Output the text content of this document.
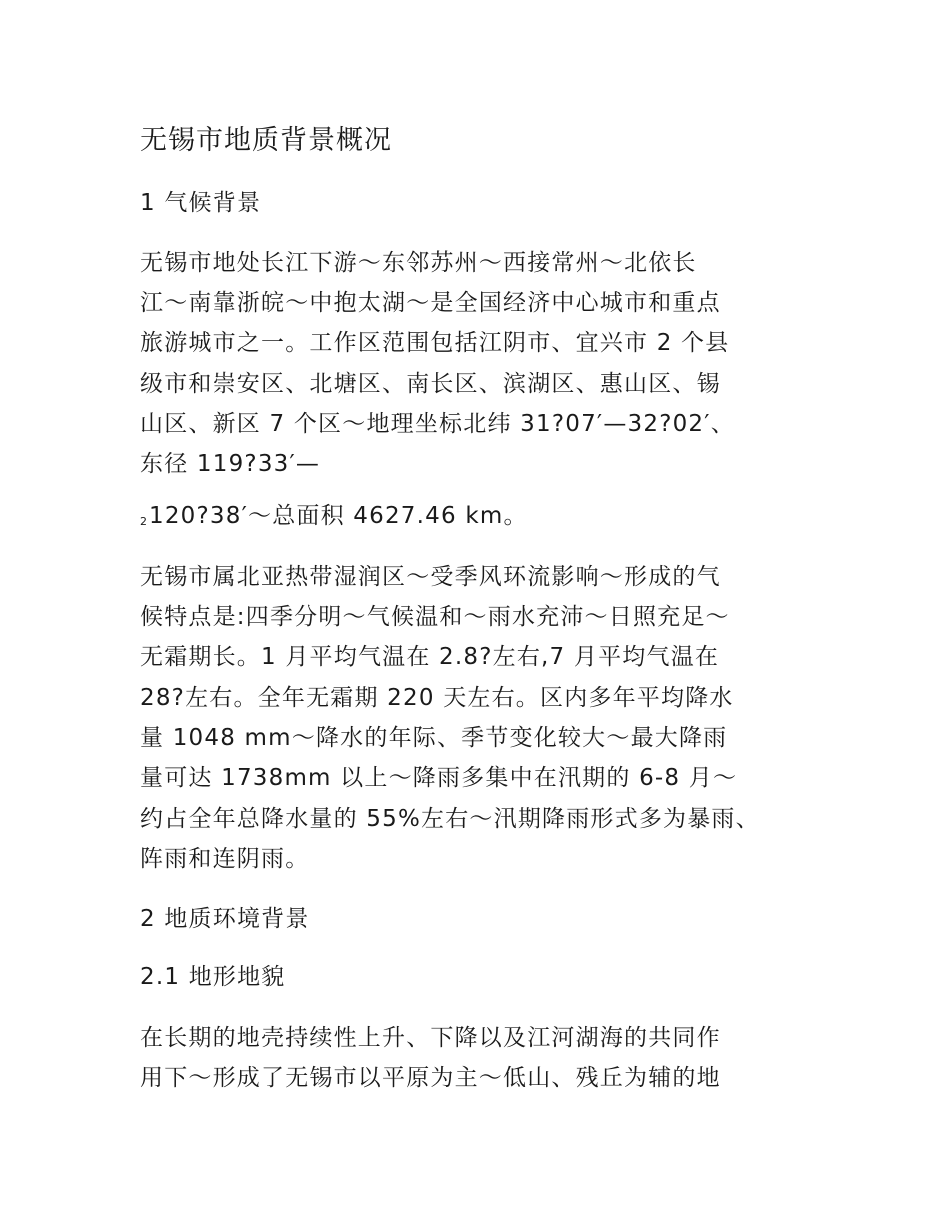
无锡市地质背景概况
1 气候背景
无锡市地处长江下游～东邻苏州～西接常州～北依长
江～南靠浙皖～中抱太湖～是全国经济中心城市和重点
旅游城市之一。工作区范围包括江阴市、宜兴市 2 个县
级市和崇安区、北塘区、南长区、滨湖区、惠山区、锡
山区、新区 7 个区～地理坐标北纬 31?07′—32?02′、
东径 119?33′—
2120?38′～总面积 4627.46 km。
无锡市属北亚热带湿润区～受季风环流影响～形成的气
候特点是:四季分明～气候温和～雨水充沛～日照充足～
无霜期长。1 月平均气温在 2.8?左右,7 月平均气温在
28?左右。全年无霜期 220 天左右。区内多年平均降水
量 1048 mm～降水的年际、季节变化较大～最大降雨
量可达 1738mm 以上～降雨多集中在汛期的 6-8 月～
约占全年总降水量的 55%左右～汛期降雨形式多为暴雨、
阵雨和连阴雨。
2 地质环境背景
2.1 地形地貌
在长期的地壳持续性上升、下降以及江河湖海的共同作
用下～形成了无锡市以平原为主～低山、残丘为辅的地
